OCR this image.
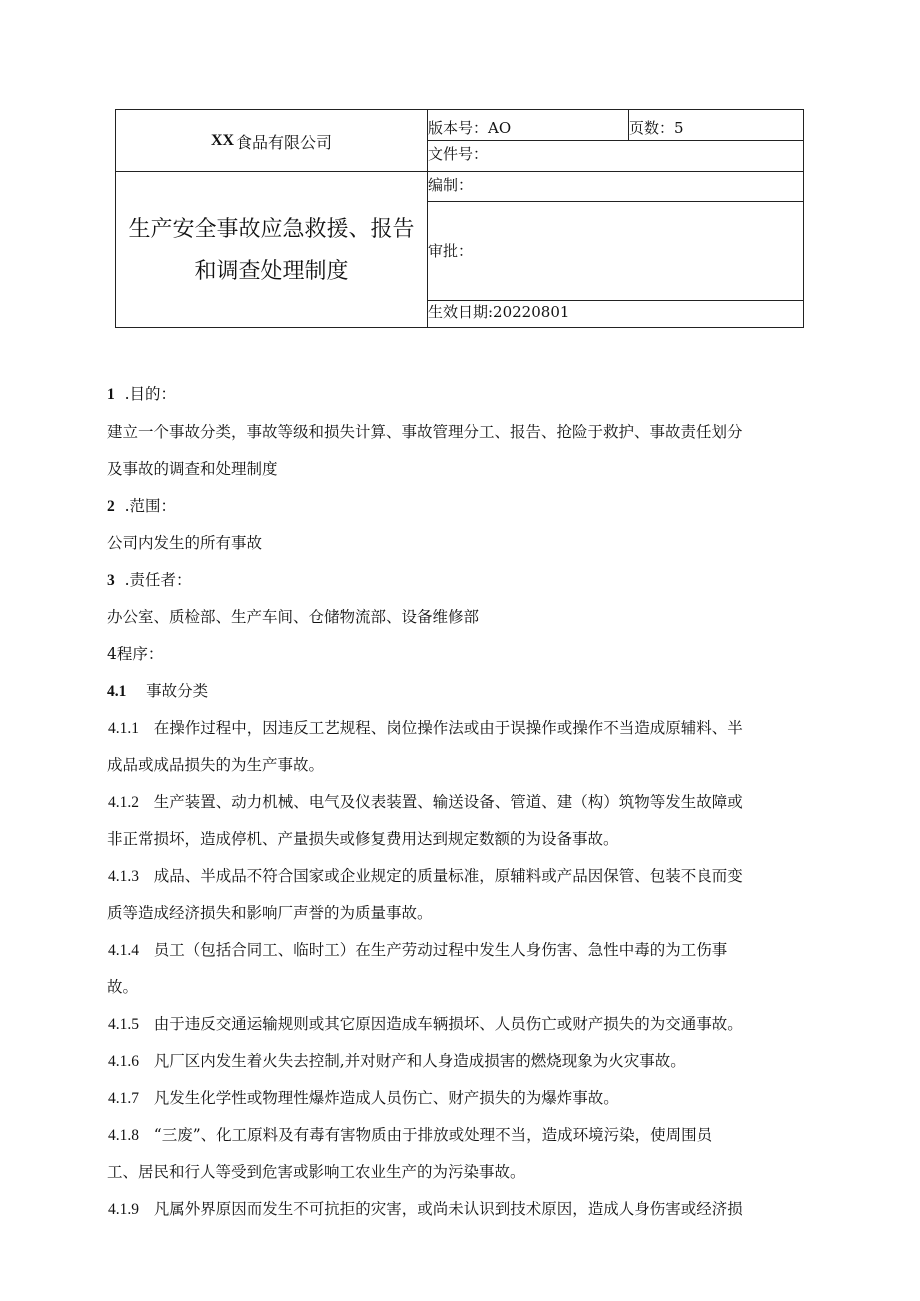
XX 食品有限公司
生产安全事故应急救援、报告和调查处理制度
版本号：AO	页数：5
文件号：
编制：
审批：
生效日期:20220801
1 .目的：
建立一个事故分类，事故等级和损失计算、事故管理分工、报告、抢险于救护、事故责任划分
及事故的调查和处理制度
2 .范围：
公司内发生的所有事故
3 .责任者：
办公室、质检部、生产车间、仓储物流部、设备维修部
4程序：
4.1 事故分类
4.1.1 在操作过程中，因违反工艺规程、岗位操作法或由于误操作或操作不当造成原辅料、半
成品或成品损失的为生产事故。
4.1.2 生产装置、动力机械、电气及仪表装置、输送设备、管道、建（构）筑物等发生故障或
非正常损坏，造成停机、产量损失或修复费用达到规定数额的为设备事故。
4.1.3 成品、半成品不符合国家或企业规定的质量标准，原辅料或产品因保管、包装不良而变
质等造成经济损失和影响厂声誉的为质量事故。
4.1.4 员工（包括合同工、临时工）在生产劳动过程中发生人身伤害、急性中毒的为工伤事
故。
4.1.5 由于违反交通运输规则或其它原因造成车辆损坏、人员伤亡或财产损失的为交通事故。
4.1.6 凡厂区内发生着火失去控制,并对财产和人身造成损害的燃烧现象为火灾事故。
4.1.7 凡发生化学性或物理性爆炸造成人员伤亡、财产损失的为爆炸事故。
4.1.8 “三废”、化工原料及有毒有害物质由于排放或处理不当，造成环境污染，使周围员
工、居民和行人等受到危害或影响工农业生产的为污染事故。
4.1.9 凡属外界原因而发生不可抗拒的灾害，或尚未认识到技术原因，造成人身伤害或经济损
